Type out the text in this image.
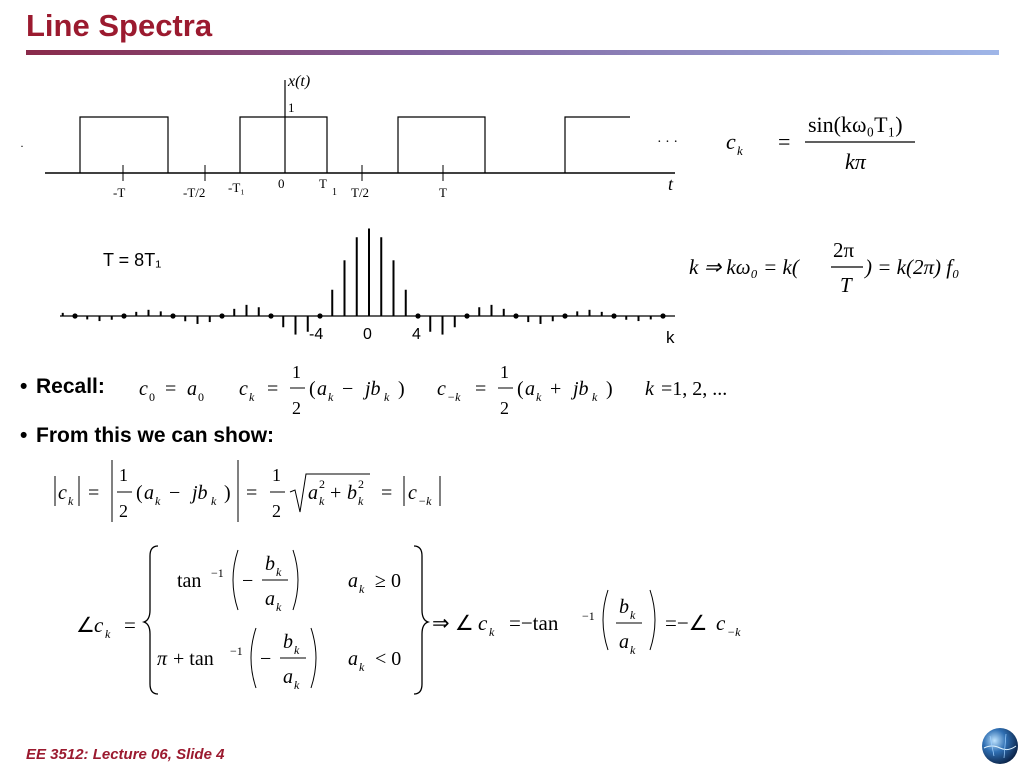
Line Spectra
x(t)
1
t
·	· · ·
-T	-T/2 -T₁	0	T
1 T/2	T
T = 8T₁
k
-4 0	4
c k =
sin(kω₀T₁)
kπ
k ⇒ kω₀ = k(
2π
T
) = k(2π) f₀
• Recall: c 0 = a 0 c k =
1
2
( a k − jb k ) c −k =
1
2
( a k + jb k ) k =1, 2, ...
• From this we can show:
c k =
1
2
( a k − jb k ) =
1
2
a 2
k + b 2
k = c −k
∠ c k =
tan −1 −
b k
a k
a k ≥ 0
π + tan −1 −
b k
a k
a k < 0
⇒ ∠ c k =−tan −1 b k
a k
=−∠ c −k
EE 3512: Lecture 06, Slide 4
